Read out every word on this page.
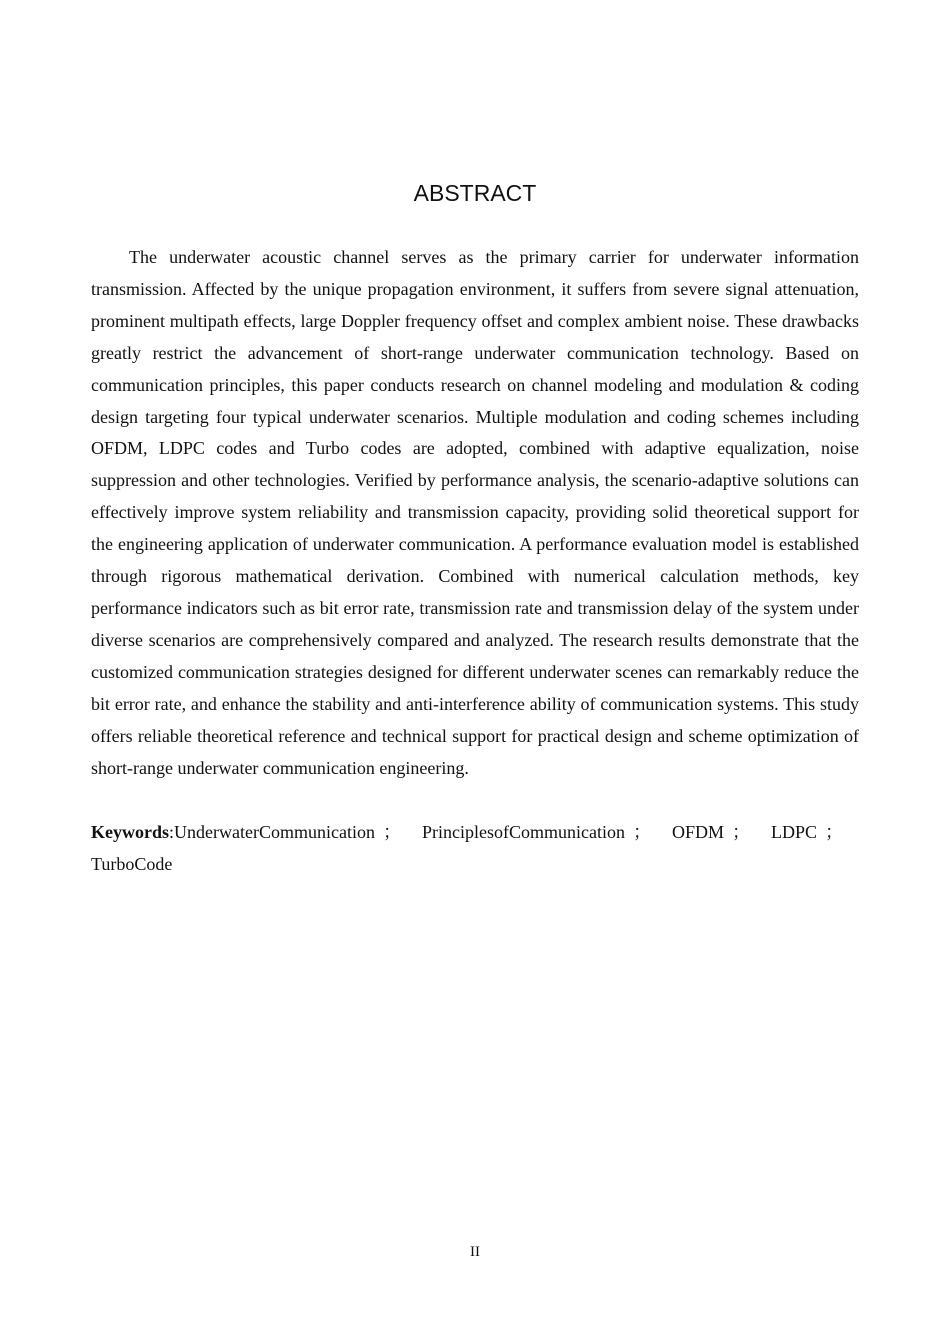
ABSTRACT

The underwater acoustic channel serves as the primary carrier for underwater information transmission. Affected by the unique propagation environment, it suffers from severe signal attenuation, prominent multipath effects, large Doppler frequency offset and complex ambient noise. These drawbacks greatly restrict the advancement of short-range underwater communication technology. Based on communication principles, this paper conducts research on channel modeling and modulation & coding design targeting four typical underwater scenarios. Multiple modulation and coding schemes including OFDM, LDPC codes and Turbo codes are adopted, combined with adaptive equalization, noise suppression and other technologies. Verified by performance analysis, the scenario-adaptive solutions can effectively improve system reliability and transmission capacity, providing solid theoretical support for the engineering application of underwater communication. A performance evaluation model is established through rigorous mathematical derivation. Combined with numerical calculation methods, key performance indicators such as bit error rate, transmission rate and transmission delay of the system under diverse scenarios are comprehensively compared and analyzed. The research results demonstrate that the customized communication strategies designed for different underwater scenes can remarkably reduce the bit error rate, and enhance the stability and anti-interference ability of communication systems. This study offers reliable theoretical reference and technical support for practical design and scheme optimization of short-range underwater communication engineering.

Keywords:UnderwaterCommunication ； PrinciplesofCommunication ； OFDM ； LDPC ； TurboCode

II
